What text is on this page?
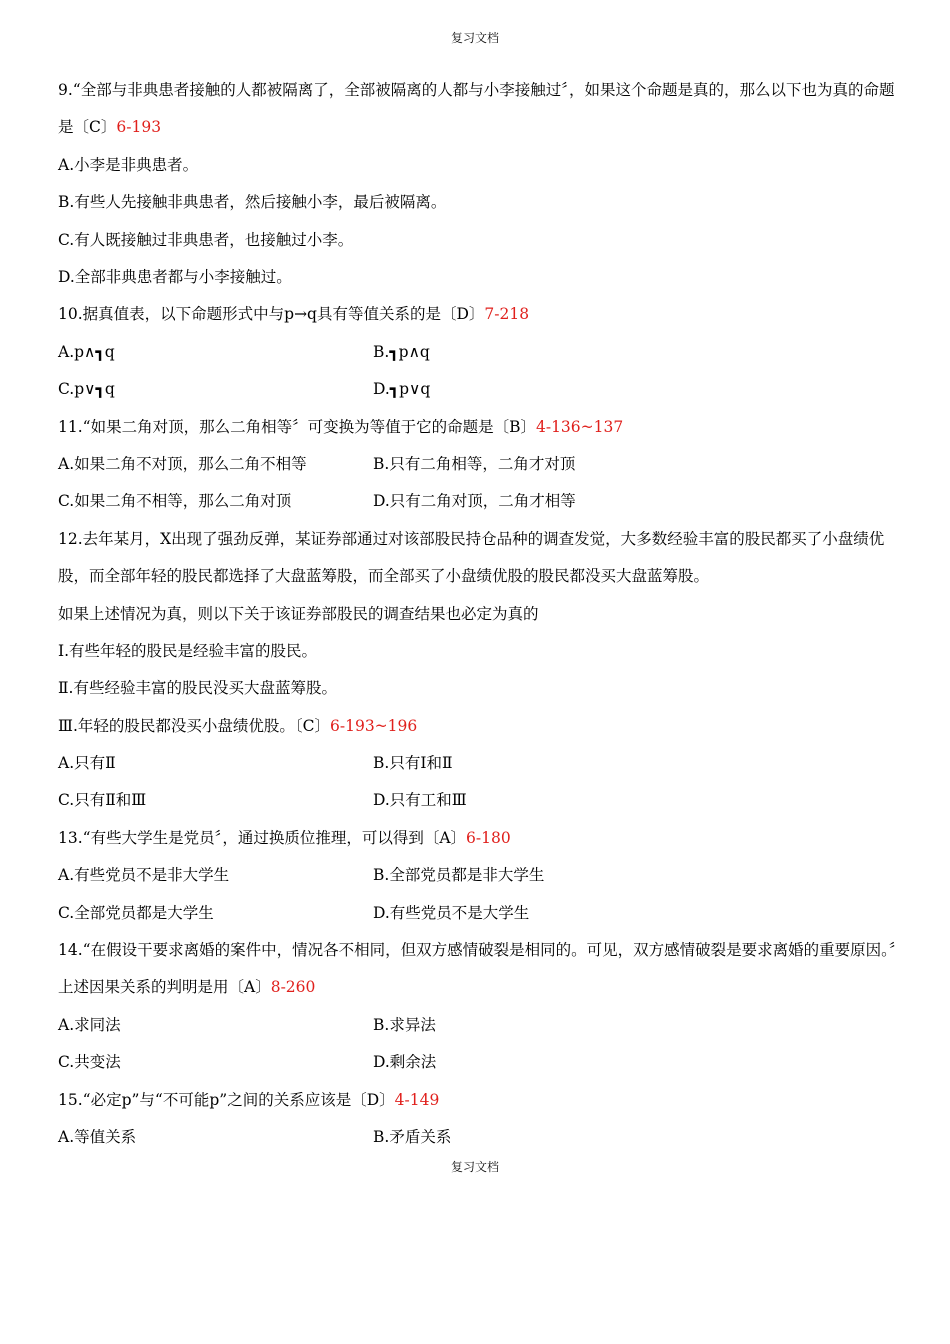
复习文档
9.“全部与非典患者接触的人都被隔离了，全部被隔离的人都与小李接触过〞，如果这个命题是真的，那么以下也为真的命题是〔C〕6-193
A.小李是非典患者。
B.有些人先接触非典患者，然后接触小李，最后被隔离。
C.有人既接触过非典患者，也接触过小李。
D.全部非典患者都与小李接触过。
10.据真值表，以下命题形式中与p→q具有等值关系的是〔D〕7-218
A.p∧┓q	B.┓p∧q
C.p∨┓q	D.┓p∨q
11.“如果二角对顶，那么二角相等〞可变换为等值于它的命题是〔B〕4-136~137
A.如果二角不对顶，那么二角不相等	B.只有二角相等，二角才对顶
C.如果二角不相等，那么二角对顶	D.只有二角对顶，二角才相等
12.去年某月，X出现了强劲反弹，某证券部通过对该部股民持仓品种的调查发觉，大多数经验丰富的股民都买了小盘绩优股，而全部年轻的股民都选择了大盘蓝筹股，而全部买了小盘绩优股的股民都没买大盘蓝筹股。
如果上述情况为真，则以下关于该证券部股民的调查结果也必定为真的
I.有些年轻的股民是经验丰富的股民。
Ⅱ.有些经验丰富的股民没买大盘蓝筹股。
Ⅲ.年轻的股民都没买小盘绩优股。〔C〕6-193~196
A.只有Ⅱ	B.只有Ⅰ和Ⅱ
C.只有Ⅱ和Ⅲ	D.只有工和Ⅲ
13.“有些大学生是党员〞，通过换质位推理，可以得到〔A〕6-180
A.有些党员不是非大学生	B.全部党员都是非大学生
C.全部党员都是大学生	D.有些党员不是大学生
14.“在假设干要求离婚的案件中，情况各不相同，但双方感情破裂是相同的。可见，双方感情破裂是要求离婚的重要原因。〞上述因果关系的判明是用〔A〕8-260
A.求同法	B.求异法
C.共变法	D.剩余法
15.“必定p”与“不可能p”之间的关系应该是〔D〕4-149
A.等值关系	B.矛盾关系
复习文档
